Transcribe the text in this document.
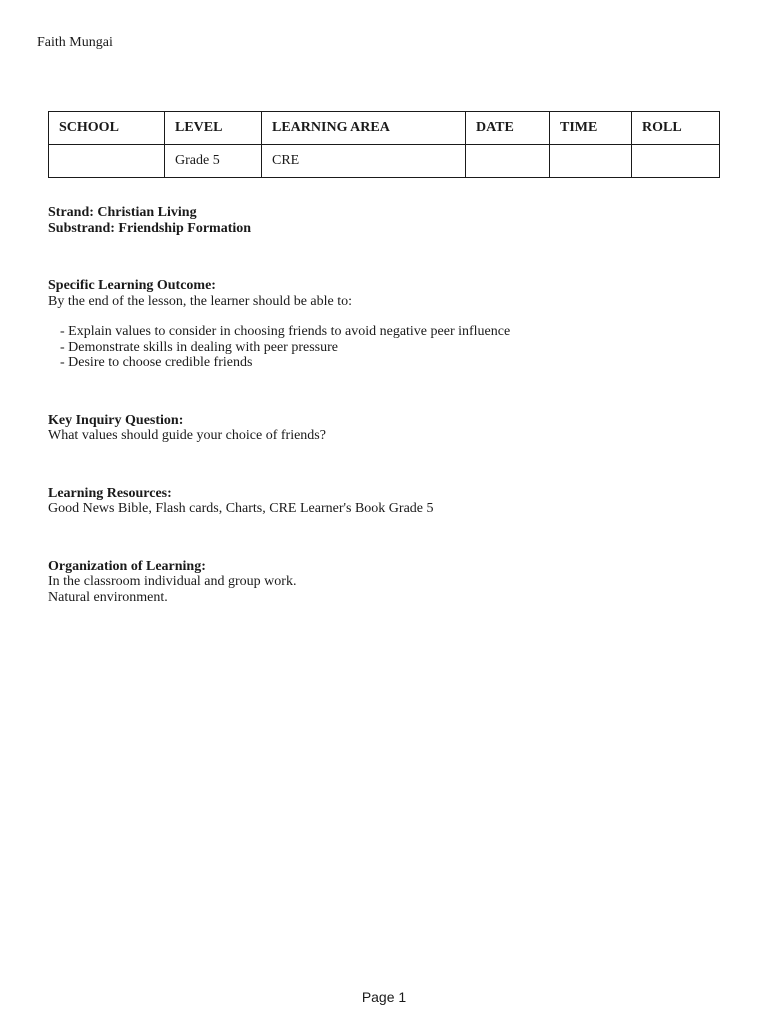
Faith Mungai
SCHOOL	LEVEL	LEARNING AREA	DATE	TIME	ROLL
	Grade 5	CRE			
Strand: Christian Living
Substrand: Friendship Formation
Specific Learning Outcome:
By the end of the lesson, the learner should be able to:
- Explain values to consider in choosing friends to avoid negative peer influence
- Demonstrate skills in dealing with peer pressure
- Desire to choose credible friends
Key Inquiry Question:
What values should guide your choice of friends?
Learning Resources:
Good News Bible, Flash cards, Charts, CRE Learner's Book Grade 5
Organization of Learning:
In the classroom individual and group work.
Natural environment.
Page 1
